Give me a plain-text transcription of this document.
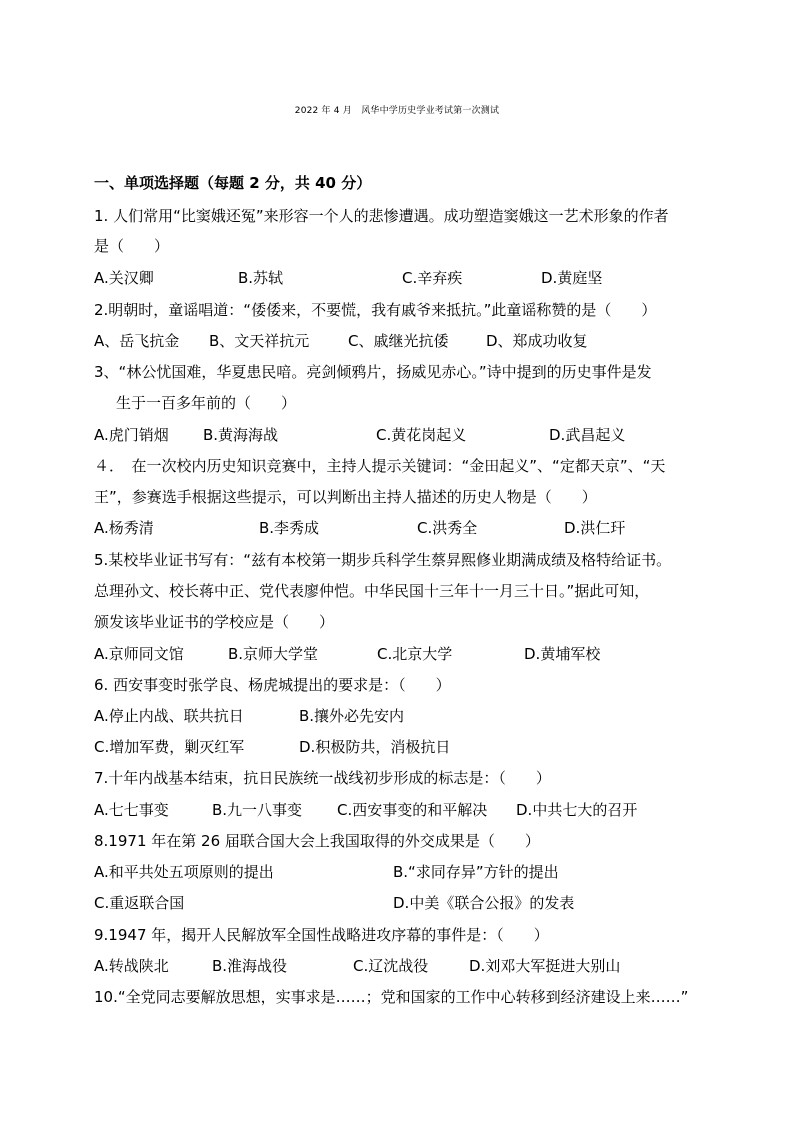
2022 年 4 月　风华中学历史学业考试第一次测试
一、单项选择题（每题 2 分，共 40 分）
1. 人们常用“比窦娥还冤”来形容一个人的悲惨遭遇。成功塑造窦娥这一艺术形象的作者
是（　　）
A.关汉卿	B.苏轼	C.辛弃疾	D.黄庭坚
2.明朝时，童谣唱道：“倭倭来，不要慌，我有戚爷来抵抗。”此童谣称赞的是（　　）
A、岳飞抗金 B、文天祥抗元	C、戚继光抗倭	D、郑成功收复
3、“林公忧国难，华夏患民喑。亮剑倾鸦片，扬威见赤心。”诗中提到的历史事件是发
生于一百多年前的（　　）
A.虎门销烟 B.黄海海战	C.黄花岗起义	D.武昌起义
４．　在一次校内历史知识竞赛中，主持人提示关键词：“金田起义”、“定都天京”、“天
王”，参赛选手根据这些提示，可以判断出主持人描述的历史人物是（　　）
A.杨秀清	B.李秀成	C.洪秀全	D.洪仁玕
5.某校毕业证书写有：“兹有本校第一期步兵科学生蔡昇熙修业期满成绩及格特给证书。
总理孙文、校长蒋中正、党代表廖仲恺。中华民国十三年十一月三十日。”据此可知，
颁发该毕业证书的学校应是（　　）
A.京师同文馆	B.京师大学堂	C.北京大学	D.黄埔军校
6. 西安事变时张学良、杨虎城提出的要求是：（　　）
A.停止内战、联共抗日	B.攘外必先安内
C.增加军费，剿灭红军	D.积极防共，消极抗日
7.十年内战基本结束，抗日民族统一战线初步形成的标志是：（　　）
A.七七事变	B.九一八事变 C.西安事变的和平解决 D.中共七大的召开
8.1971 年在第 26 届联合国大会上我国取得的外交成果是（　　）
A.和平共处五项原则的提出	B.“求同存异”方针的提出
C.重返联合国	D.中美《联合公报》的发表
9.1947 年，揭开人民解放军全国性战略进攻序幕的事件是：（　　）
A.转战陕北	B.淮海战役	C.辽沈战役	D.刘邓大军挺进大别山
10.“全党同志要解放思想，实事求是……；党和国家的工作中心转移到经济建设上来……”
